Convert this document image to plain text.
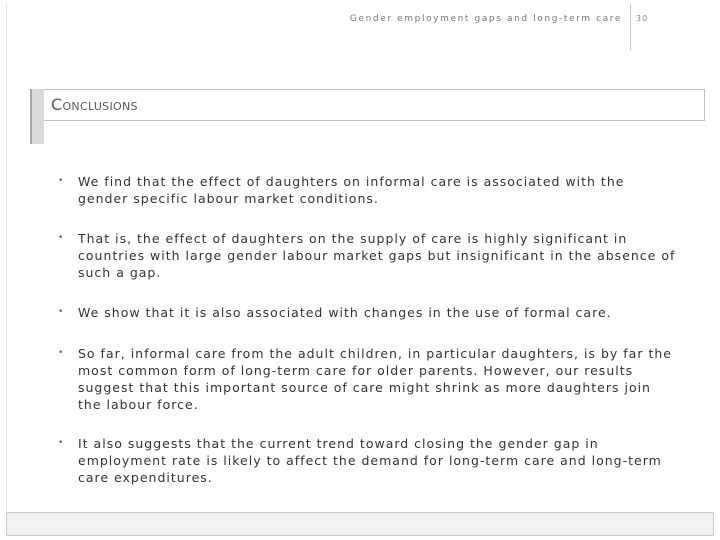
Gender employment gaps and long-term care 30
Conclusions
• We find that the effect of daughters on informal care is associated with the gender specific labour market conditions.
• That is, the effect of daughters on the supply of care is highly significant in countries with large gender labour market gaps but insignificant in the absence of such a gap.
• We show that it is also associated with changes in the use of formal care.
• So far, informal care from the adult children, in particular daughters, is by far the most common form of long-term care for older parents. However, our results suggest that this important source of care might shrink as more daughters join the labour force.
• It also suggests that the current trend toward closing the gender gap in employment rate is likely to affect the demand for long-term care and long-term care expenditures.
